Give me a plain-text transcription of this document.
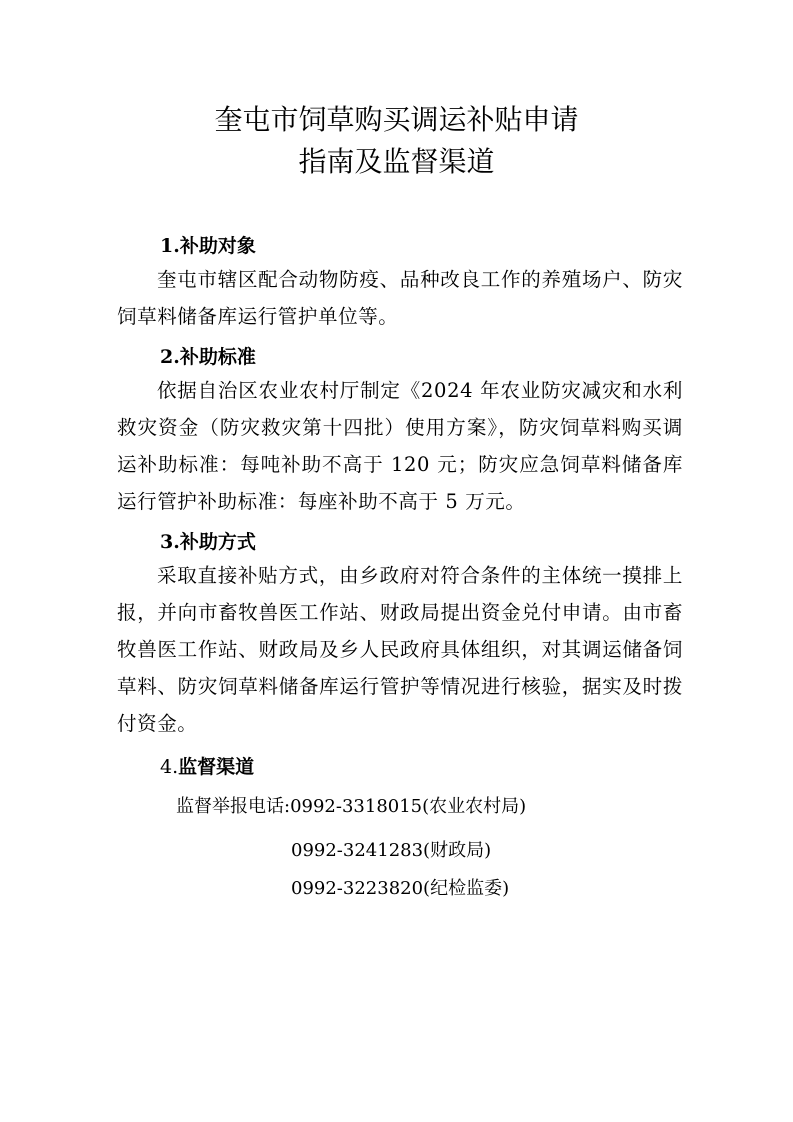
奎屯市饲草购买调运补贴申请
指南及监督渠道
1.补助对象
奎屯市辖区配合动物防疫、品种改良工作的养殖场户、防灾饲草料储备库运行管护单位等。
2.补助标准
依据自治区农业农村厅制定《2024 年农业防灾减灾和水利救灾资金（防灾救灾第十四批）使用方案》，防灾饲草料购买调运补助标准：每吨补助不高于 120 元；防灾应急饲草料储备库运行管护补助标准：每座补助不高于 5 万元。
3.补助方式
采取直接补贴方式，由乡政府对符合条件的主体统一摸排上报，并向市畜牧兽医工作站、财政局提出资金兑付申请。由市畜牧兽医工作站、财政局及乡人民政府具体组织，对其调运储备饲草料、防灾饲草料储备库运行管护等情况进行核验，据实及时拨付资金。
4.监督渠道
监督举报电话:0992-3318015(农业农村局)
0992-3241283(财政局)
0992-3223820(纪检监委)
